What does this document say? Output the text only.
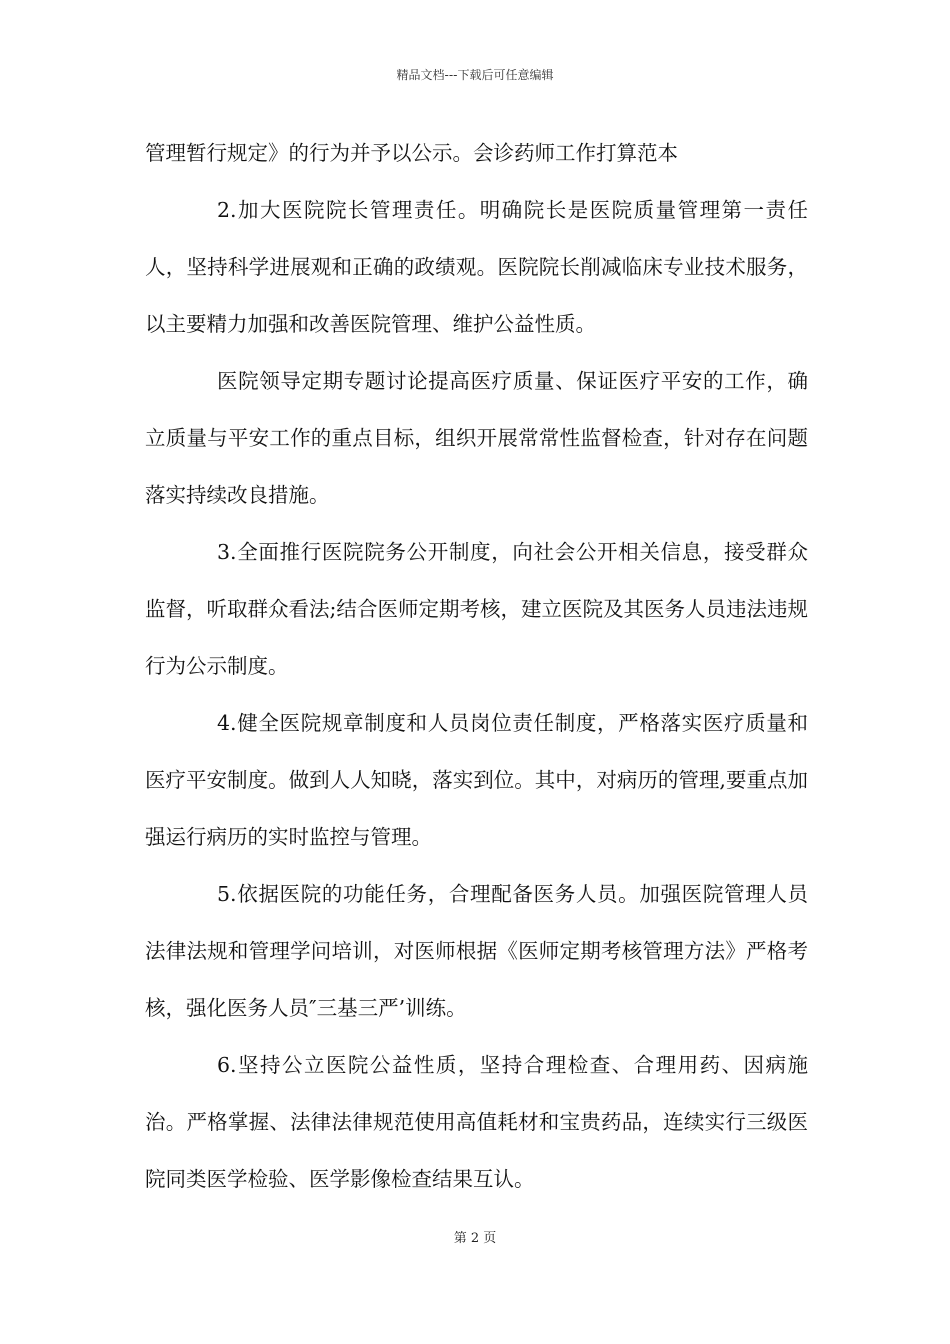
精品文档---下载后可任意编辑

管理暂行规定》的行为并予以公示。会诊药师工作打算范本

2.加大医院院长管理责任。明确院长是医院质量管理第一责任人，坚持科学进展观和正确的政绩观。医院院长削减临床专业技术服务，以主要精力加强和改善医院管理、维护公益性质。

医院领导定期专题讨论提高医疗质量、保证医疗平安的工作，确立质量与平安工作的重点目标，组织开展常常性监督检查，针对存在问题落实持续改良措施。

3.全面推行医院院务公开制度，向社会公开相关信息，接受群众监督，听取群众看法;结合医师定期考核，建立医院及其医务人员违法违规行为公示制度。

4.健全医院规章制度和人员岗位责任制度，严格落实医疗质量和医疗平安制度。做到人人知晓，落实到位。其中，对病历的管理,要重点加强运行病历的实时监控与管理。

5.依据医院的功能任务，合理配备医务人员。加强医院管理人员法律法规和管理学问培训，对医师根据《医师定期考核管理方法》严格考核，强化医务人员″三基三严’训练。

6.坚持公立医院公益性质，坚持合理检查、合理用药、因病施治。严格掌握、法律法律规范使用高值耗材和宝贵药品，连续实行三级医院同类医学检验、医学影像检查结果互认。

第 2 页
